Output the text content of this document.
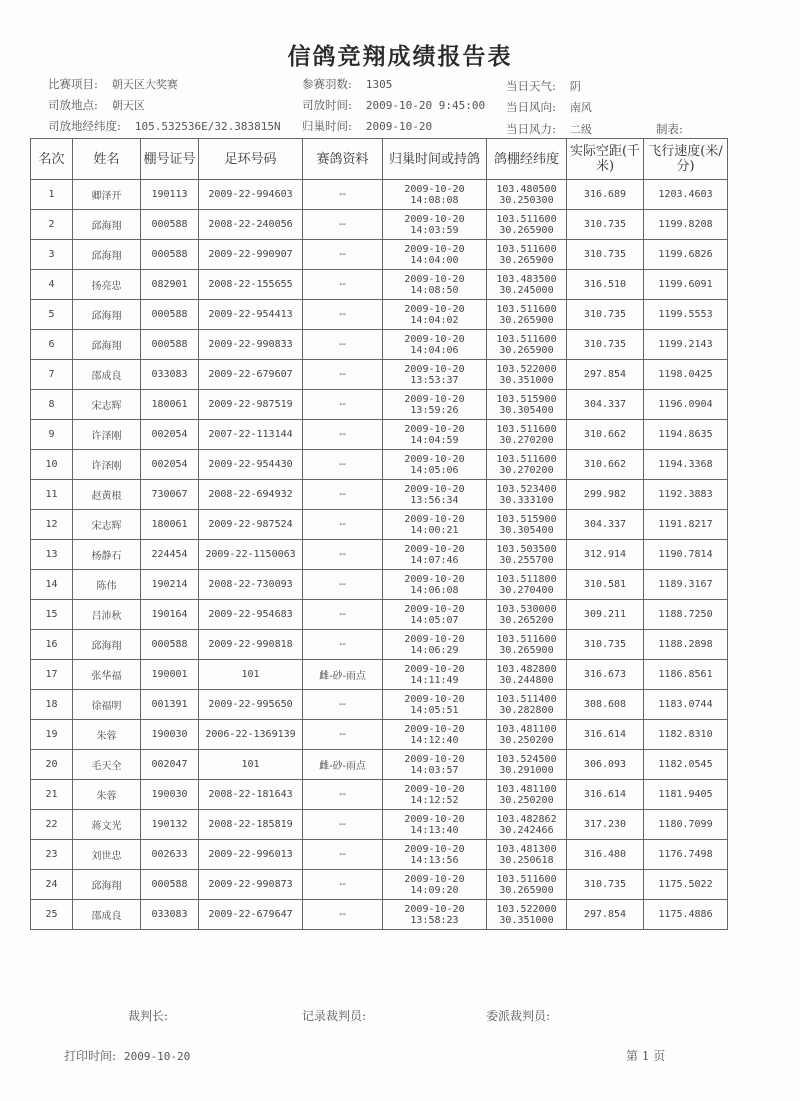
信鸽竞翔成绩报告表
比赛项目: 朝天区大奖赛	参赛羽数: 1305	当日天气: 阴
司放地点: 朝天区	司放时间: 2009-10-20 9:45:00 当日风向: 南风
司放地经纬度: 105.532536E/32.383815N 归巢时间: 2009-10-20	当日风力: 二级	制表:
名次	姓名	棚号证号	足环号码	赛鸽资料	归巢时间或持鸽	鸽棚经纬度	实际空距(千米)	飞行速度(米/分)
1	卿泽开	190113	2009-22-994603	--	2009-10-20
14:08:08	103.480500
30.250300	316.689	1203.4603
2	邱海翔	000588	2008-22-240056	--	2009-10-20
14:03:59	103.511600
30.265900	310.735	1199.8208
3	邱海翔	000588	2009-22-990907	--	2009-10-20
14:04:00	103.511600
30.265900	310.735	1199.6826
4	扬亮忠	082901	2008-22-155655	--	2009-10-20
14:08:50	103.483500
30.245000	316.510	1199.6091
5	邱海翔	000588	2009-22-954413	--	2009-10-20
14:04:02	103.511600
30.265900	310.735	1199.5553
6	邱海翔	000588	2009-22-990833	--	2009-10-20
14:04:06	103.511600
30.265900	310.735	1199.2143
7	邵成良	033083	2009-22-679607	--	2009-10-20
13:53:37	103.522000
30.351000	297.854	1198.0425
8	宋志辉	180061	2009-22-987519	--	2009-10-20
13:59:26	103.515900
30.305400	304.337	1196.0904
9	许泽刚	002054	2007-22-113144	--	2009-10-20
14:04:59	103.511600
30.270200	310.662	1194.8635
10	许泽刚	002054	2009-22-954430	--	2009-10-20
14:05:06	103.511600
30.270200	310.662	1194.3368
11	赵黄根	730067	2008-22-694932	--	2009-10-20
13:56:34	103.523400
30.333100	299.982	1192.3883
12	宋志辉	180061	2009-22-987524	--	2009-10-20
14:00:21	103.515900
30.305400	304.337	1191.8217
13	杨静石	224454	2009-22-1150063	--	2009-10-20
14:07:46	103.503500
30.255700	312.914	1190.7814
14	陈伟	190214	2008-22-730093	--	2009-10-20
14:06:08	103.511800
30.270400	310.581	1189.3167
15	吕沛秋	190164	2009-22-954683	--	2009-10-20
14:05:07	103.530000
30.265200	309.211	1188.7250
16	邱海翔	000588	2009-22-990818	--	2009-10-20
14:06:29	103.511600
30.265900	310.735	1188.2898
17	张华福	190001	101	雌-砂-雨点	2009-10-20
14:11:49	103.482800
30.244800	316.673	1186.8561
18	徐福明	001391	2009-22-995650	--	2009-10-20
14:05:51	103.511400
30.282800	308.608	1183.0744
19	朱蓉	190030	2006-22-1369139	--	2009-10-20
14:12:40	103.481100
30.250200	316.614	1182.8310
20	毛天全	002047	101	雌-砂-雨点	2009-10-20
14:03:57	103.524500
30.291000	306.093	1182.0545
21	朱蓉	190030	2008-22-181643	--	2009-10-20
14:12:52	103.481100
30.250200	316.614	1181.9405
22	蒋文光	190132	2008-22-185819	--	2009-10-20
14:13:40	103.482862
30.242466	317.230	1180.7099
23	刘世忠	002633	2009-22-996013	--	2009-10-20
14:13:56	103.481300
30.250618	316.480	1176.7498
24	邱海翔	000588	2009-22-990873	--	2009-10-20
14:09:20	103.511600
30.265900	310.735	1175.5022
25	邵成良	033083	2009-22-679647	--	2009-10-20
13:58:23	103.522000
30.351000	297.854	1175.4886
裁判长:	记录裁判员:	委派裁判员:
打印时间: 2009-10-20	第 1 页
